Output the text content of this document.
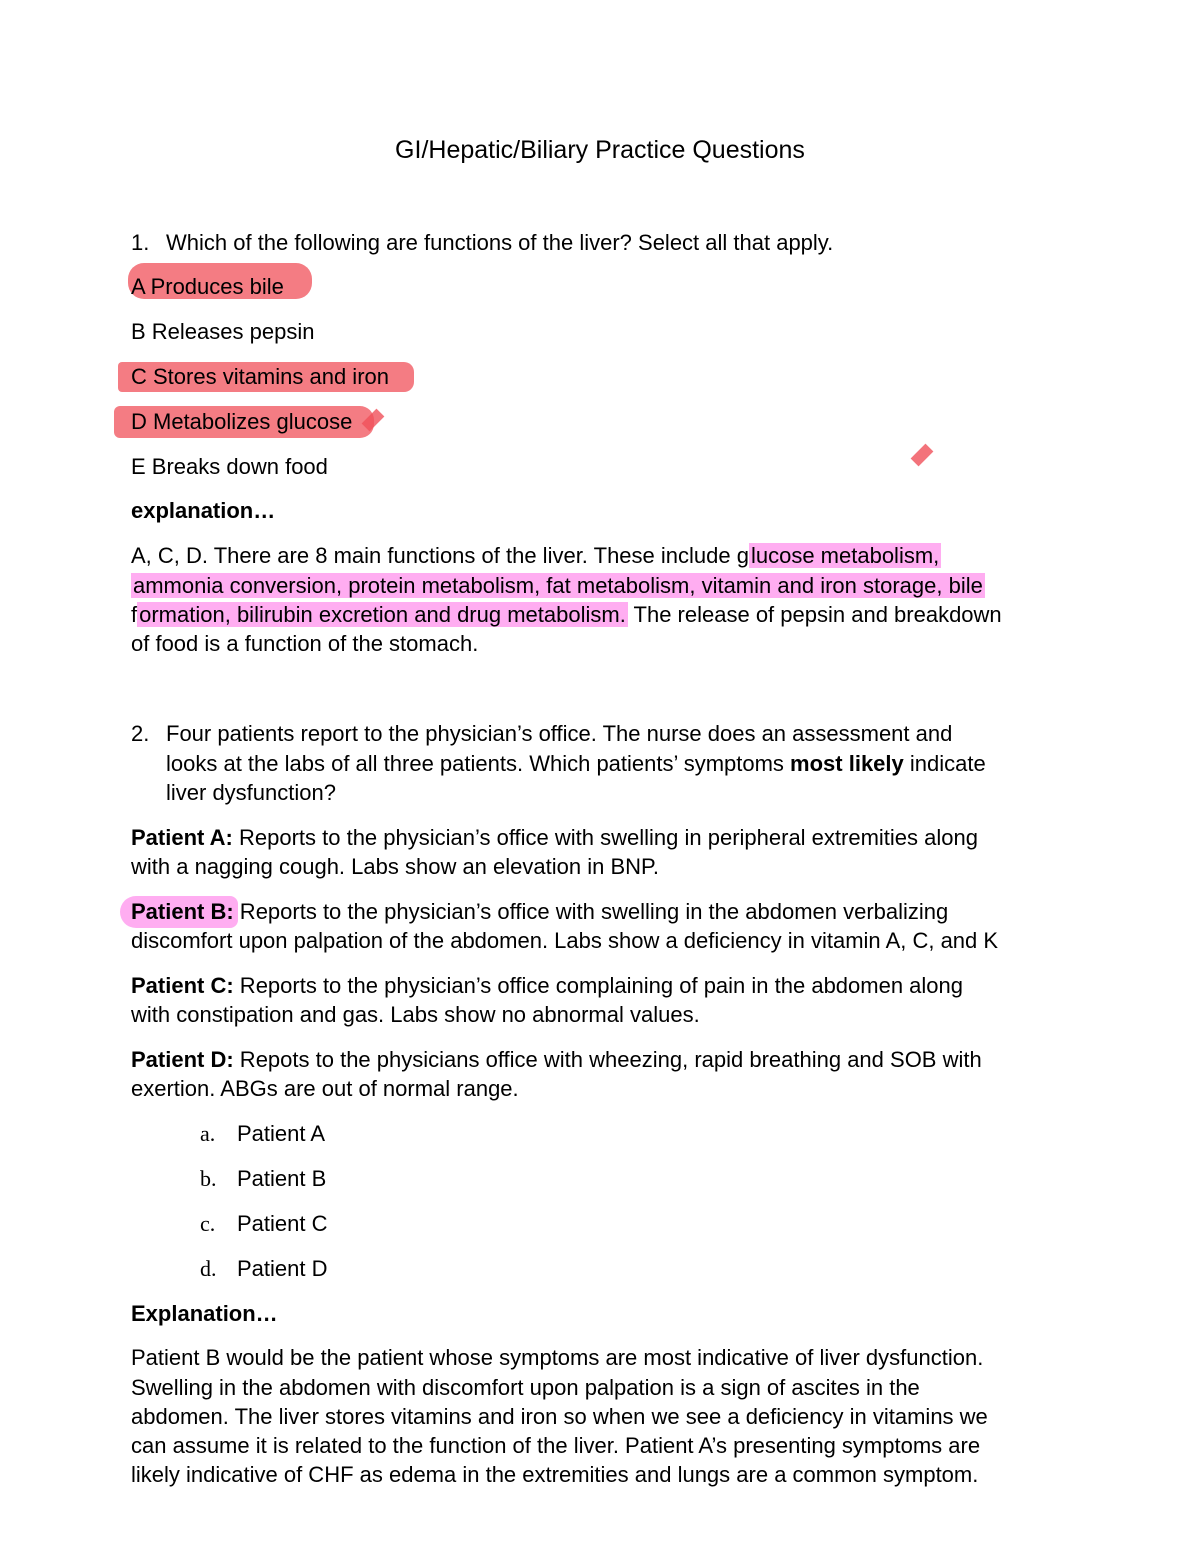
GI/Hepatic/Biliary Practice Questions
1. Which of the following are functions of the liver? Select all that apply.
A Produces bile
B Releases pepsin
C Stores vitamins and iron
D Metabolizes glucose
E Breaks down food
explanation…
A, C, D. There are 8 main functions of the liver. These include glucose metabolism,
ammonia conversion, protein metabolism, fat metabolism, vitamin and iron storage, bile
formation, bilirubin excretion and drug metabolism. The release of pepsin and breakdown
of food is a function of the stomach.
2. Four patients report to the physician’s office. The nurse does an assessment and
looks at the labs of all three patients. Which patients’ symptoms most likely indicate
liver dysfunction?
Patient A: Reports to the physician’s office with swelling in peripheral extremities along
with a nagging cough. Labs show an elevation in BNP.
Patient B: Reports to the physician’s office with swelling in the abdomen verbalizing
discomfort upon palpation of the abdomen. Labs show a deficiency in vitamin A, C, and K
Patient C: Reports to the physician’s office complaining of pain in the abdomen along
with constipation and gas. Labs show no abnormal values.
Patient D: Repots to the physicians office with wheezing, rapid breathing and SOB with
exertion. ABGs are out of normal range.
a. Patient A
b. Patient B
c. Patient C
d. Patient D
Explanation…
Patient B would be the patient whose symptoms are most indicative of liver dysfunction.
Swelling in the abdomen with discomfort upon palpation is a sign of ascites in the
abdomen. The liver stores vitamins and iron so when we see a deficiency in vitamins we
can assume it is related to the function of the liver. Patient A’s presenting symptoms are
likely indicative of CHF as edema in the extremities and lungs are a common symptom.
